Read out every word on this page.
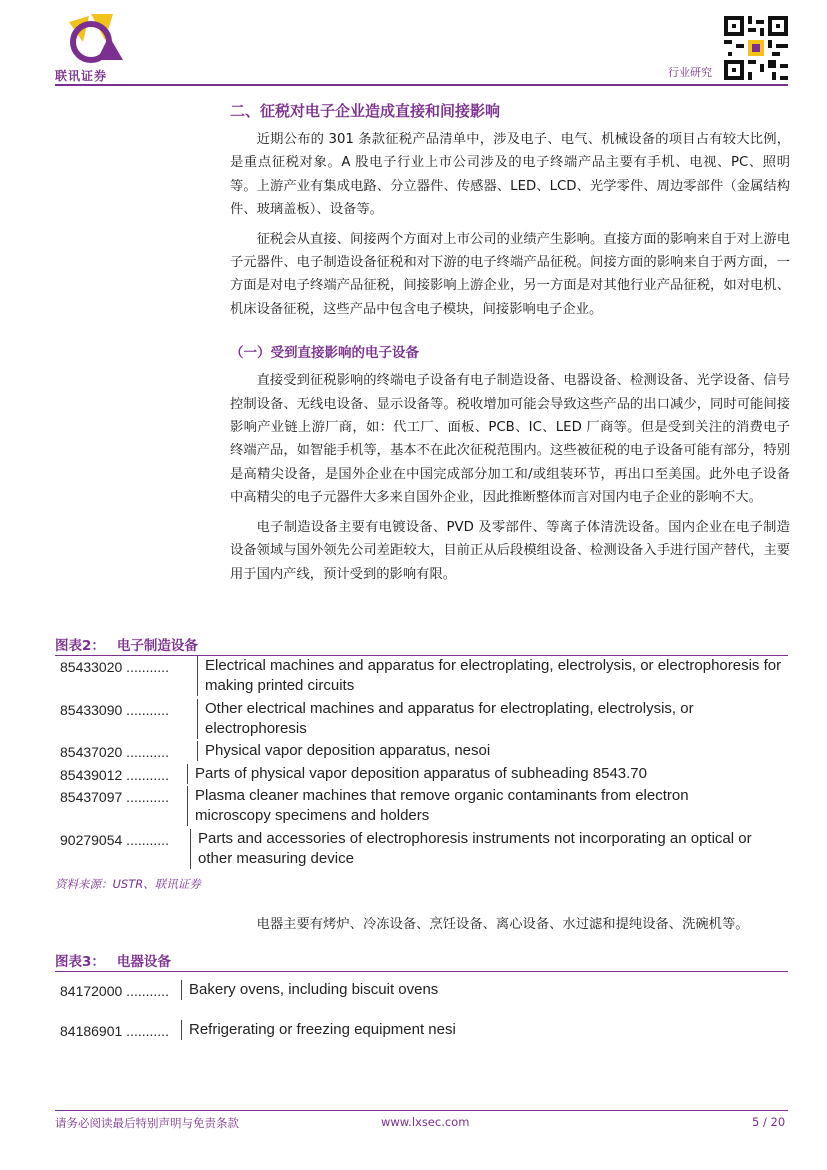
联讯证券	行业研究
二、征税对电子企业造成直接和间接影响

近期公布的 301 条款征税产品清单中，涉及电子、电气、机械设备的项目占有较大比例，是重点征税对象。A 股电子行业上市公司涉及的电子终端产品主要有手机、电视、PC、照明等。上游产业有集成电路、分立器件、传感器、LED、LCD、光学零件、周边零部件（金属结构件、玻璃盖板）、设备等。

征税会从直接、间接两个方面对上市公司的业绩产生影响。直接方面的影响来自于对上游电子元器件、电子制造设备征税和对下游的电子终端产品征税。间接方面的影响来自于两方面，一方面是对电子终端产品征税，间接影响上游企业，另一方面是对其他行业产品征税，如对电机、机床设备征税，这些产品中包含电子模块，间接影响电子企业。

（一）受到直接影响的电子设备

直接受到征税影响的终端电子设备有电子制造设备、电器设备、检测设备、光学设备、信号控制设备、无线电设备、显示设备等。税收增加可能会导致这些产品的出口减少，同时可能间接影响产业链上游厂商，如：代工厂、面板、PCB、IC、LED 厂商等。但是受到关注的消费电子终端产品，如智能手机等，基本不在此次征税范围内。这些被征税的电子设备可能有部分，特别是高精尖设备，是国外企业在中国完成部分加工和/或组装环节，再出口至美国。此外电子设备中高精尖的电子元器件大多来自国外企业，因此推断整体而言对国内电子企业的影响不大。

电子制造设备主要有电镀设备、PVD 及零部件、等离子体清洗设备。国内企业在电子制造设备领域与国外领先公司差距较大，目前正从后段模组设备、检测设备入手进行国产替代，主要用于国内产线，预计受到的影响有限。

图表2： 电子制造设备
85433020 ...........	Electrical machines and apparatus for electroplating, electrolysis, or electrophoresis for making printed circuits
85433090 ...........	Other electrical machines and apparatus for electroplating, electrolysis, or electrophoresis
85437020 ...........	Physical vapor deposition apparatus, nesoi
85439012 ...........	Parts of physical vapor deposition apparatus of subheading 8543.70
85437097 ...........	Plasma cleaner machines that remove organic contaminants from electron microscopy specimens and holders
90279054 ...........	Parts and accessories of electrophoresis instruments not incorporating an optical or other measuring device
资料来源：USTR、联讯证券
电器主要有烤炉、冷冻设备、烹饪设备、离心设备、水过滤和提纯设备、洗碗机等。
图表3： 电器设备
84172000 ...........	Bakery ovens, including biscuit ovens
84186901 ...........	Refrigerating or freezing equipment nesi
请务必阅读最后特别声明与免责条款	www.lxsec.com	5 / 20
